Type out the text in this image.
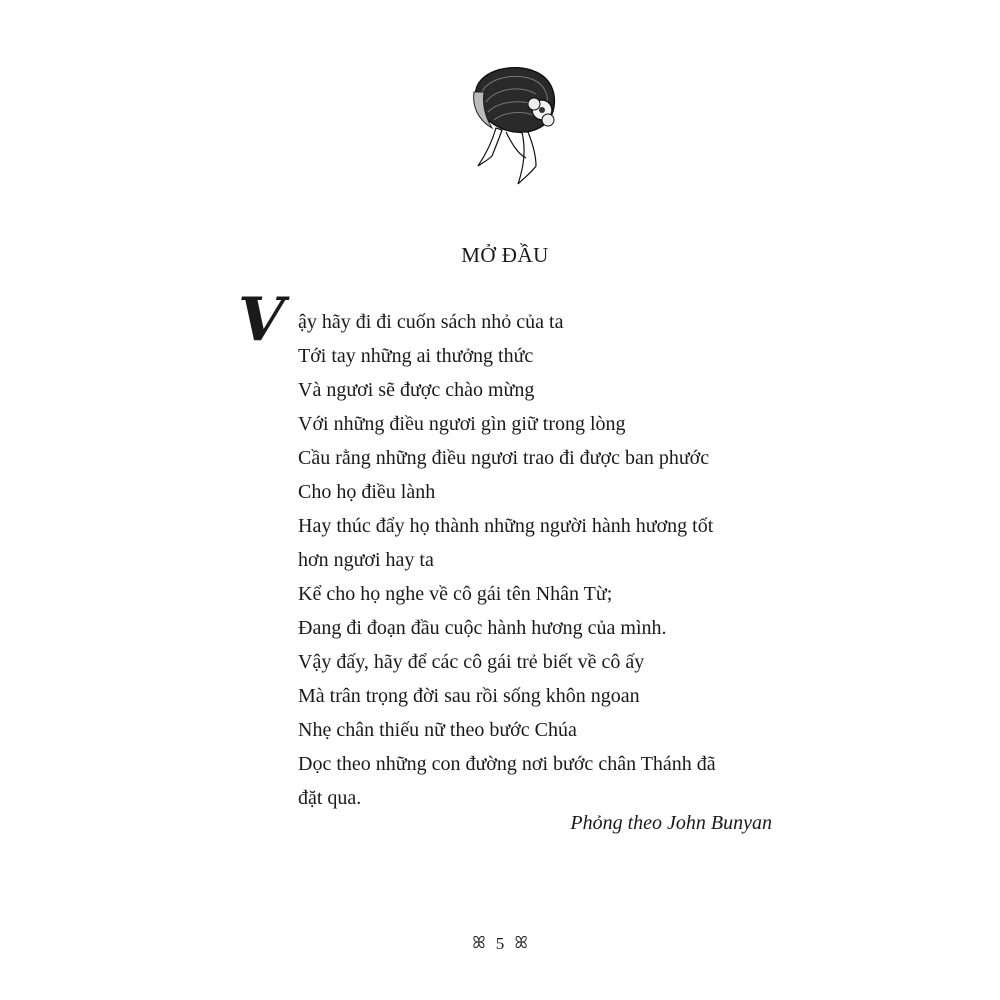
MỞ ĐẦU
V ậy hãy đi đi cuốn sách nhỏ của ta
Tới tay những ai thưởng thức
Và ngươi sẽ được chào mừng
Với những điều ngươi gìn giữ trong lòng
Cầu rằng những điều ngươi trao đi được ban phước
Cho họ điều lành
Hay thúc đẩy họ thành những người hành hương tốt
hơn ngươi hay ta
Kể cho họ nghe về cô gái tên Nhân Từ;
Đang đi đoạn đầu cuộc hành hương của mình.
Vậy đấy, hãy để các cô gái trẻ biết về cô ấy
Mà trân trọng đời sau rồi sống khôn ngoan
Nhẹ chân thiếu nữ theo bước Chúa
Dọc theo những con đường nơi bước chân Thánh đã
đặt qua.
Phỏng theo John Bunyan
ꕤ 5 ꕤ
